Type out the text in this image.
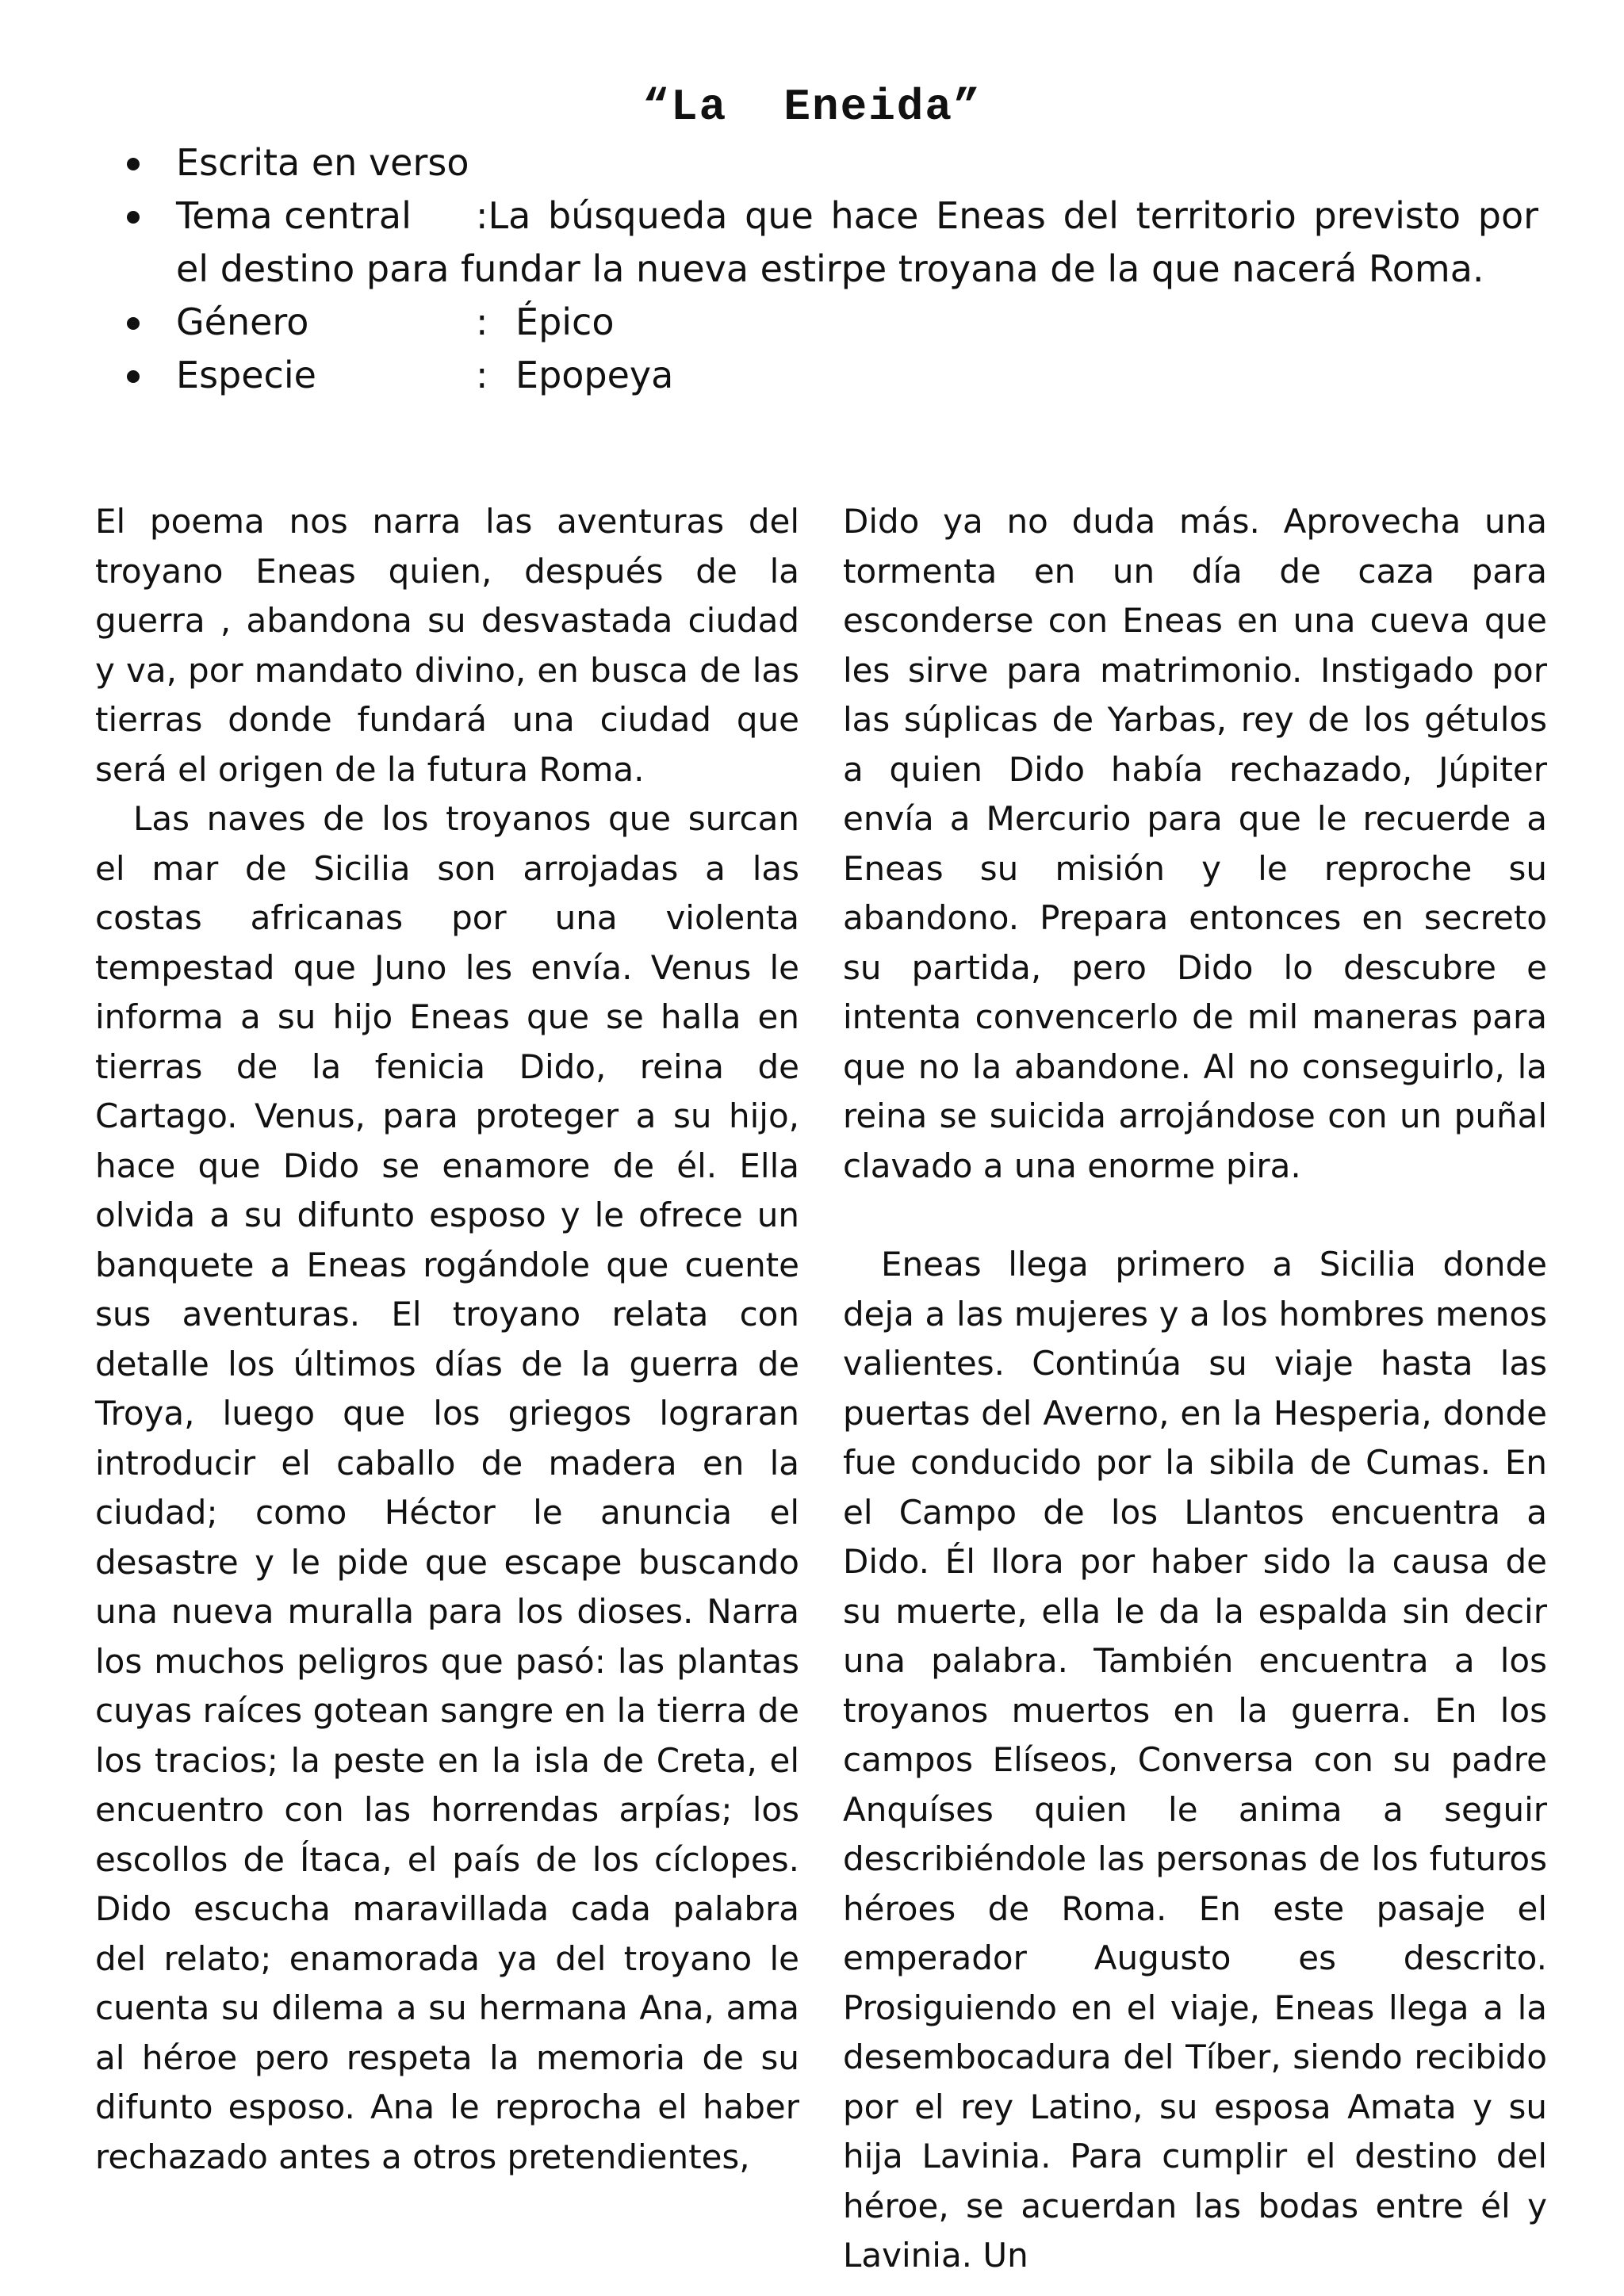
“La  Eneida”
Escrita en verso
Tema central	: La búsqueda que hace Eneas del territorio previsto por
el destino para fundar la nueva estirpe troyana de la que nacerá Roma.
Género	: Épico
Especie	: Epopeya

El poema nos narra las aventuras del troyano Eneas quien, después de la guerra , abandona su desvastada ciudad y va, por mandato divino, en busca de las tierras donde fundará una ciudad que será el origen de la futura Roma.

Las naves de los troyanos que surcan el mar de Sicilia son arrojadas a las costas africanas por una violenta tempestad que Juno les envía. Venus le informa a su hijo Eneas que se halla en tierras de la fenicia Dido, reina de Cartago. Venus, para proteger a su hijo, hace que Dido se enamore de él. Ella olvida a su difunto esposo y le ofrece un banquete a Eneas rogándole que cuente sus aventuras. El troyano relata con detalle los últimos días de la guerra de Troya, luego que los griegos lograran introducir el caballo de madera en la ciudad; como Héctor le anuncia el desastre y le pide que escape buscando una nueva muralla para los dioses. Narra los muchos peligros que pasó: las plantas cuyas raíces gotean sangre en la tierra de los tracios; la peste en la isla de Creta, el encuentro con las horrendas arpías; los escollos de Ítaca, el país de los cíclopes. Dido escucha maravillada cada palabra del relato; enamorada ya del troyano le cuenta su dilema a su hermana Ana, ama al héroe pero respeta la memoria de su difunto esposo. Ana le reprocha el haber rechazado antes a otros pretendientes,

Dido ya no duda más. Aprovecha una tormenta en un día de caza para esconderse con Eneas en una cueva que les sirve para matrimonio. Instigado por las súplicas de Yarbas, rey de los gétulos a quien Dido había rechazado, Júpiter envía a Mercurio para que le recuerde a Eneas su misión y le reproche su abandono. Prepara entonces en secreto su partida, pero Dido lo descubre e intenta convencerlo de mil maneras para que no la abandone. Al no conseguirlo, la reina se suicida arrojándose con un puñal clavado a una enorme pira.

Eneas llega primero a Sicilia donde deja a las mujeres y a los hombres menos valientes. Continúa su viaje hasta las puertas del Averno, en la Hesperia, donde fue conducido por la sibila de Cumas. En el Campo de los Llantos encuentra a Dido. Él llora por haber sido la causa de su muerte, ella le da la espalda sin decir una palabra. También encuentra a los troyanos muertos en la guerra. En los campos Elíseos, Conversa con su padre Anquíses quien le anima a seguir describiéndole las personas de los futuros héroes de Roma. En este pasaje el emperador Augusto es descrito. Prosiguiendo en el viaje, Eneas llega a la desembocadura del Tíber, siendo recibido por el rey Latino, su esposa Amata y su hija Lavinia. Para cumplir el destino del héroe, se acuerdan las bodas entre él y Lavinia. Un
